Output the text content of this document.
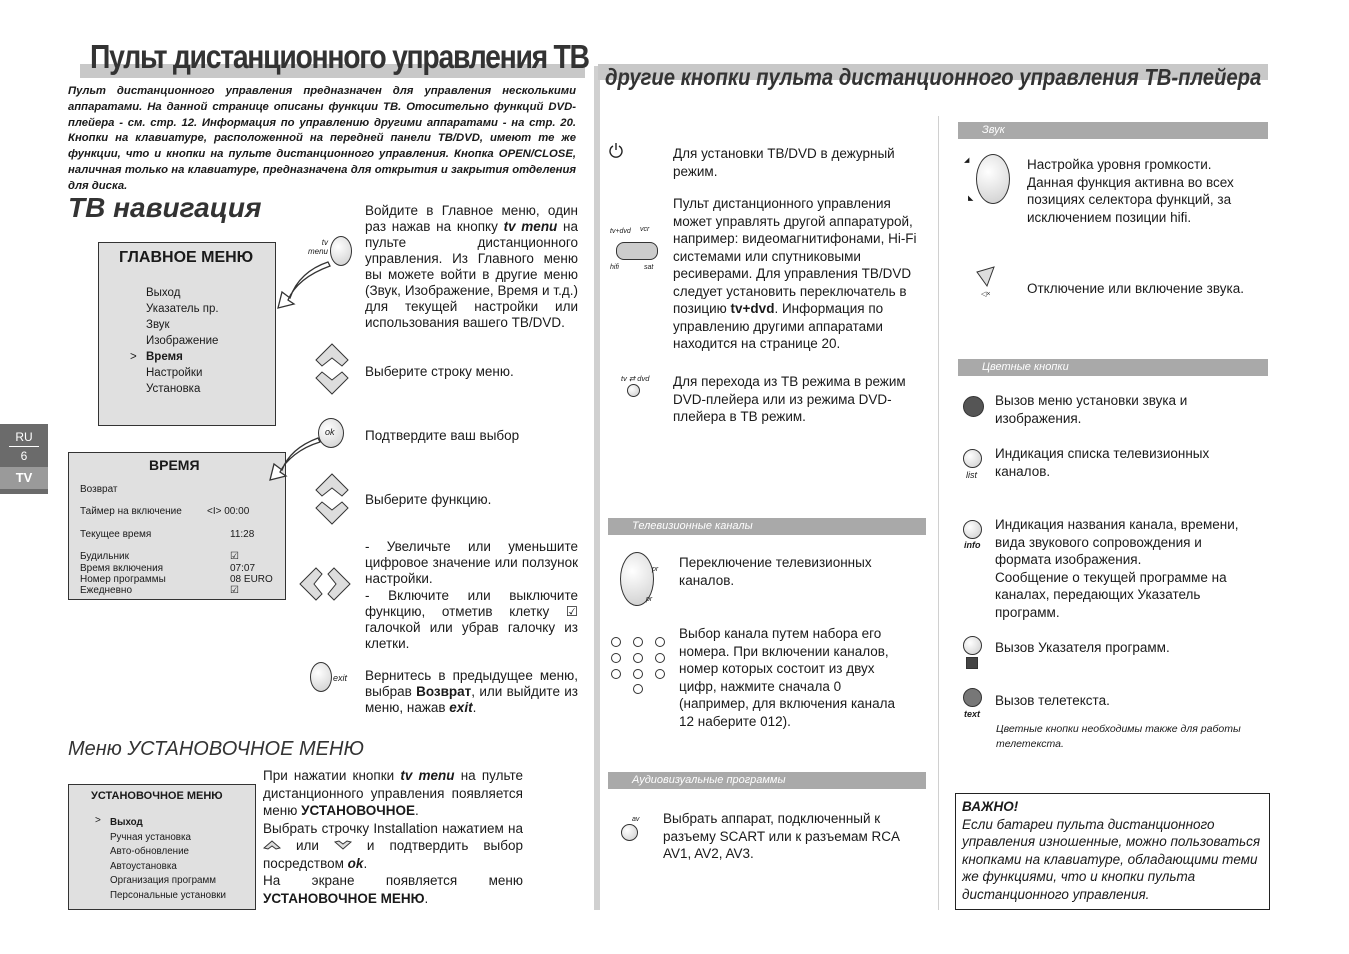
Пульт дистанционного управления ТВ
Пульт дистанционного управления предназначен для управления несколькими аппаратами. На данной странице описаны функции ТВ. Отосительно функций DVD-плейера - см. стр. 12. Информация по управлению другими аппаратами - на стр. 20. Кнопки на клавиатуре, расположенной на передней панели ТВ/DVD, имеют те же функции, что и кнопки на пульте дистанционного управления. Кнопка OPEN/CLOSE, наличная только на клавиатуре, предназначена для открытия и закрытия отделения для диска.
RU
6
TV
ТВ навигация
ГЛАВНОЕ МЕНЮ
Выход
Указатель пр.
Звук
Изображение
Время
Настройки
Установка
>
ВРЕМЯ
Возврат
Таймер на включение	<I> 00:00
Текущее время	11:28
Будильник	☑
Время включения	07:07
Номер программы	08 EURO
Ежедневно	☑
tv
menu
ok
exit
Войдите в Главное меню, один раз нажав на кнопку tv menu на пульте дистанционного управления. Из Главного меню вы можете войти в другие меню (Звук, Изображение, Время и т.д.) для текущей настройки или использования вашего ТВ/DVD.
Выберите строку меню.
Подтвердите ваш выбор
Выберите функцию.
- Увеличьте или уменьшите цифровое значение или ползунок настройки.
- Включите или выключите функцию, отметив клетку ☑ галочкой или убрав галочку из клетки.
Вернитесь в предыдущее меню, выбрав Возврат, или выйдите из меню, нажав exit.
Меню УСТАНОВОЧНОЕ МЕНЮ
УСТАНОВОЧНОЕ МЕНЮ
> Выход
Ручная установка
Авто-обновление
Автоустановка
Организация программ
Персональные установки
При нажатии кнопки tv menu на пульте дистанционного управления появляется меню УСТАНОВОЧНОЕ.
Выбрать строчку Installation нажатием на  или  и подтвердить выбор посредством ok.
На экране появляется меню УСТАНОВОЧНОЕ МЕНЮ.
другие кнопки пульта дистанционного управления ТВ-плейера
Для установки ТВ/DVD в дежурный режим.
tv+dvd vcr
hifi	sat
Пульт дистанционного управления может управлять другой аппаратурой, например: видеомагнитифонами, Hi-Fi системами или спутниковыми ресиверами. Для управления ТВ/DVD следует установить переключатель в позицию tv+dvd. Информация по управлению другими аппаратами находится на странице 20.
tv ⇄ dvd Для перехода из ТВ режима в режим DVD-плейера или из режима DVD-плейера в ТВ режим.
Телевизионные каналы
pr
pr
Переключение телевизионных каналов.
Выбор канала путем набора его номера. При включении каналов, номер которых состоит из двух цифр, нажмите сначала 0 (например, для включения канала 12 наберите 012).
Аудиовизуальные программы
av Выбрать аппарат, подключенный к разъему SCART или к разъемам RCA AV1, AV2, AV3.
Звук
◢
◣
Настройка уровня громкости. Данная функция активна во всех позициях селектора функций, за исключением позиции hifi.
◁×	Отключение или включение звука.
Цветные кнопки
Вызов меню установки звука и изображения.
list
Индикация списка телевизионных каналов.
info
Индикация названия канала, времени, вида звукового сопровождения и формата изображения.
Сообщение о текущей программе на каналах, передающих Указатель программ.
Вызов Указателя программ.
text
Вызов телетекста.
Цветные кнопки необходимы также для работы телетекста.
ВАЖНО!
Если батареи пульта дистанционного управления изношенные, можно пользоваться кнопками на клавиатуре, обладающими теми же функциями, что и кнопки пульта дистанционного управления.
